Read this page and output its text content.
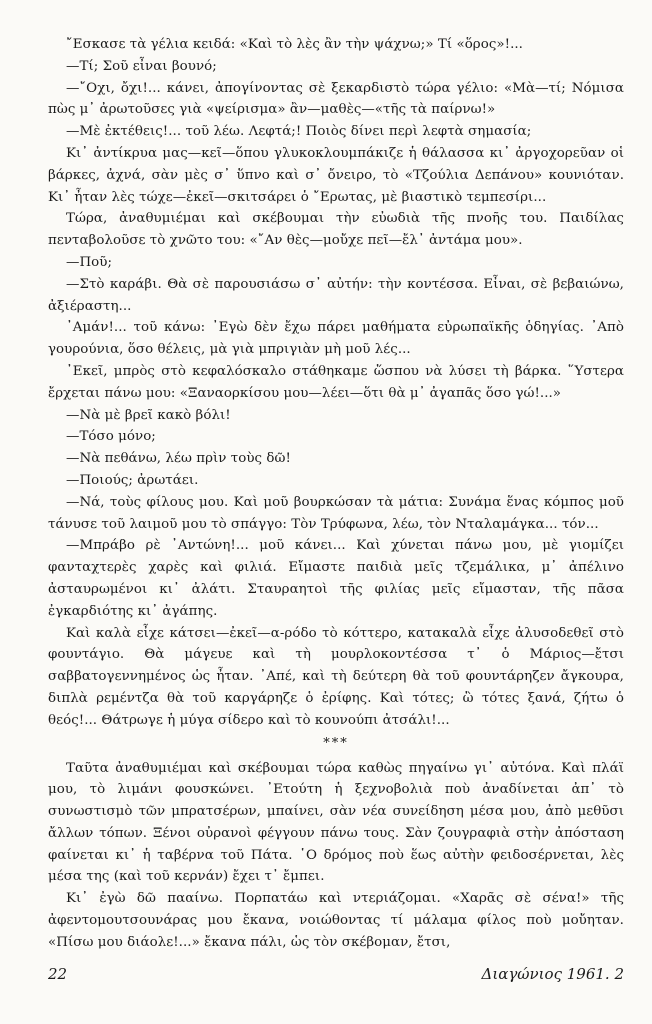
῎Εσκασε τὰ γέλια κειδά: «Καὶ τὸ λὲς ἂν τὴν ψάχνω;» Τί «ὅρος»!...

—Τί; Σοῦ εἶναι βουνό;

—῎Οχι, ὄχι!... κάνει, ἀπογίνοντας σὲ ξεκαρδιστὸ τώρα γέλιο: «Μὰ—τί; Νόμισα πὼς μ᾽ ἀρωτοῦσες γιὰ «ψείρισμα» ἂν—μαθὲς—«τῆς τὰ παίρνω!»

—Μὲ ἐκτέθεις!... τοῦ λέω. Λεφτά;! Ποιὸς δίνει περὶ λεφτὰ σημασία;

Κι᾽ ἀντίκρυα μας—κεῖ—ὅπου γλυκοκλουμπάκιζε ἡ θάλασσα κι᾽ ἀργοχορεῦαν οἱ βάρκες, ἀχνά, σὰν μὲς σ᾽ ὕπνο καὶ σ᾽ ὄνειρο, τὸ «Τζούλια Δεπάνου» κουνιόταν. Κι᾽ ἦταν λὲς τώχε—ἐκεῖ—σκιτσάρει ὁ ῎Ερωτας, μὲ βιαστικὸ τεμπεσίρι...

Τώρα, ἀναθυμιέμαι καὶ σκέβουμαι τὴν εὐωδιὰ τῆς πνοῆς του. Παιδίλας πενταβολοῦσε τὸ χνῶτο του: «῎Αν θὲς—μοὔχε πεῖ—ἔλ᾽ ἀντάμα μου».

—Ποῦ;

—Στὸ καράβι. Θὰ σὲ παρουσιάσω σ᾽ αὐτήν: τὴν κοντέσσα. Εἶναι, σὲ βεβαιώνω, ἀξιέραστη...

᾽Αμάν!... τοῦ κάνω: ᾽Εγὼ δὲν ἔχω πάρει μαθήματα εὐρωπαϊκῆς ὁδηγίας. ᾽Απὸ γουρούνια, ὅσο θέλεις, μὰ γιὰ μπριγιὰν μὴ μοῦ λές...

᾽Εκεῖ, μπρὸς στὸ κεφαλόσκαλο στάθηκαμε ὥσπου νὰ λύσει τὴ βάρκα. ῞Υστερα ἔρχεται πάνω μου: «Ξαναορκίσου μου—λέει—ὅτι θὰ μ᾽ ἀγαπᾶς ὅσο γώ!...»

—Νὰ μὲ βρεῖ κακὸ βόλι!

—Τόσο μόνο;

—Νὰ πεθάνω, λέω πρὶν τοὺς δῶ!

—Ποιούς; ἀρωτάει.

—Νά, τοὺς φίλους μου. Καὶ μοῦ βουρκώσαν τὰ μάτια: Συνάμα ἕνας κόμπος μοῦ τάνυσε τοῦ λαιμοῦ μου τὸ σπάγγο: Τὸν Τρύφωνα, λέω, τὸν Νταλαμάγκα... τόν...

—Μπράβο ρὲ ᾽Αντώνη!... μοῦ κάνει... Καὶ χύνεται πάνω μου, μὲ γιομίζει φανταχτερὲς χαρὲς καὶ φιλιά. Εἴμαστε παιδιὰ μεῖς τζεμάλικα, μ᾽ ἀπέλινο ἀσταυρωμένοι κι᾽ ἀλάτι. Σταυραητοὶ τῆς φιλίας μεῖς εἴμασταν, τῆς πᾶσα ἐγκαρδιότης κι᾽ ἀγάπης.

Καὶ καλὰ εἶχε κάτσει—ἐκεῖ—α-ρόδο τὸ κόττερο, κατακαλὰ εἶχε ἀλυσοδεθεῖ στὸ φουντάγιο. Θὰ μάγευε καὶ τὴ μουρλοκοντέσσα τ᾽ ὁ Μάριος—ἔτσι σαββατογεννημένος ὡς ἦταν. ᾽Απέ, καὶ τὴ δεύτερη θὰ τοῦ φουντάρηζεν ἄγκουρα, διπλὰ ρεμέντζα θὰ τοῦ καργάρηζε ὁ ἐρίφης. Καὶ τότες; ὢ τότες ξανά, ζήτω ὁ θεός!... Θάτρωγε ἡ μύγα σίδερο καὶ τὸ κουνούπι ἀτσάλι!...

***

Ταῦτα ἀναθυμιέμαι καὶ σκέβουμαι τώρα καθὼς πηγαίνω γι᾽ αὐτόνα. Καὶ πλάϊ μου, τὸ λιμάνι φουσκώνει. ᾽Ετούτη ἡ ξεχνοβολιὰ ποὺ ἀναδίνεται ἀπ᾽ τὸ συνωστισμὸ τῶν μπρατσέρων, μπαίνει, σὰν νέα συνείδηση μέσα μου, ἀπὸ μεθῦσι ἄλλων τόπων. Ξένοι οὐρανοὶ φέγγουν πάνω τους. Σὰν ζουγραφιὰ στὴν ἀπόσταση φαίνεται κι᾽ ἡ ταβέρνα τοῦ Πάτα. ῾Ο δρόμος ποὺ ἕως αὐτὴν φειδοσέρνεται, λὲς μέσα της (καὶ τοῦ κερνάν) ἔχει τ᾽ ἔμπει.

Κι᾽ ἐγὼ δῶ πααίνω. Πορπατάω καὶ ντεριάζομαι. «Χαρᾶς σὲ σένα!» τῆς ἀφεντομουτσουνάρας μου ἔκανα, νοιώθοντας τί μάλαμα φίλος ποὺ μοὔηταν. «Πίσω μου διάολε!...» ἔκανα πάλι, ὡς τὸν σκέβομαν, ἔτσι,

22	Διαγώνιος 1961. 2
